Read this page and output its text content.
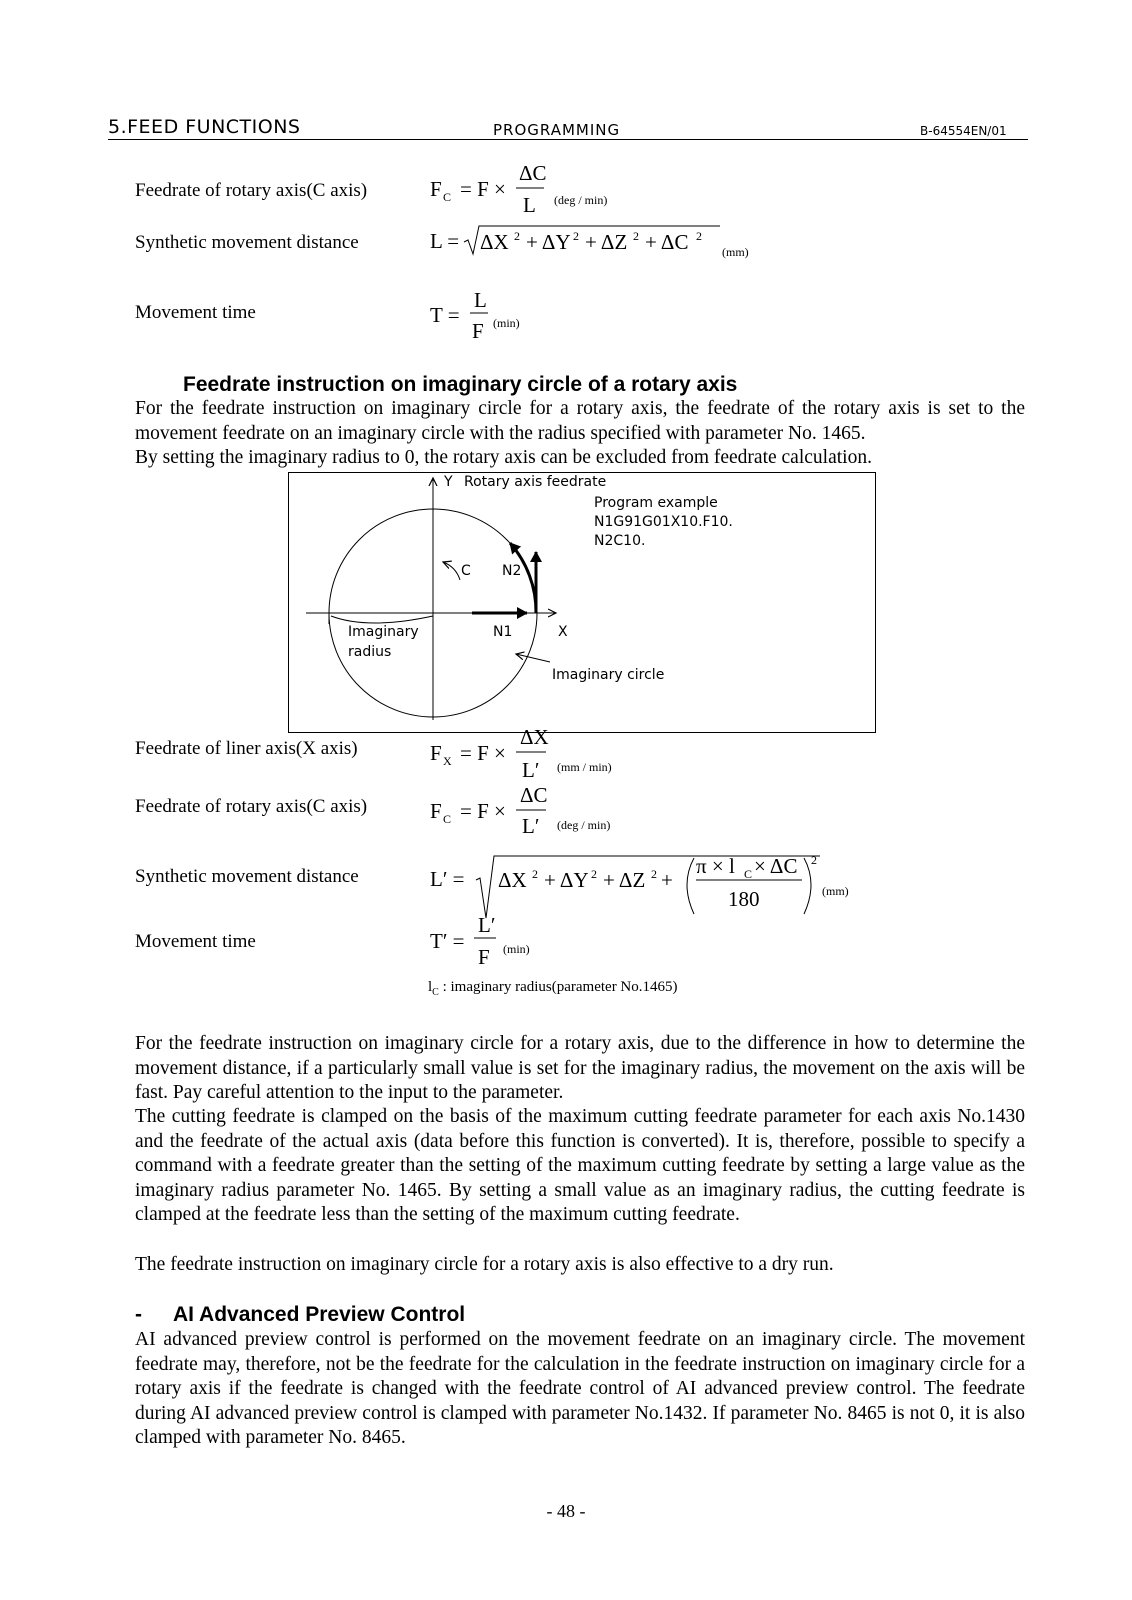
5.FEED FUNCTIONS	PROGRAMMING	B-64554EN/01
Feedrate of rotary axis(C axis)	F C = F ×
ΔC
L (deg / min)
Synthetic movement distance	L = ΔX 2 + ΔY 2 + ΔZ 2 + ΔC 2
(mm)
Movement time	T =
L
F (min)
Feedrate instruction on imaginary circle of a rotary axis
For the feedrate instruction on imaginary circle for a rotary axis, the feedrate of the rotary axis is set to the movement feedrate on an imaginary circle with the radius specified with parameter No. 1465.
By setting the imaginary radius to 0, the rotary axis can be excluded from feedrate calculation.
Y Rotary axis feedrate
Program example
N1G91G01X10.F10.
N2C10.
C N2
N1	X
Imaginary
radius
Imaginary circle
Feedrate of liner axis(X axis)	F X = F ×
ΔX
L′ (mm / min)
Feedrate of rotary axis(C axis)	F C = F ×
ΔC
L′ (deg / min)
Synthetic movement distance	L′ = ΔX 2 + ΔY 2 + ΔZ 2 +
π × l C × ΔC
180
2
(mm)
Movement time	T′ =
L′
F (min)
$l_C$ : imaginary radius(parameter No.1465)
For the feedrate instruction on imaginary circle for a rotary axis, due to the difference in how to determine the movement distance, if a particularly small value is set for the imaginary radius, the movement on the axis will be fast. Pay careful attention to the input to the parameter.
The cutting feedrate is clamped on the basis of the maximum cutting feedrate parameter for each axis No.1430 and the feedrate of the actual axis (data before this function is converted). It is, therefore, possible to specify a command with a feedrate greater than the setting of the maximum cutting feedrate by setting a large value as the imaginary radius parameter No. 1465. By setting a small value as an imaginary radius, the cutting feedrate is clamped at the feedrate less than the setting of the maximum cutting feedrate.
The feedrate instruction on imaginary circle for a rotary axis is also effective to a dry run.
- AI Advanced Preview Control
AI advanced preview control is performed on the movement feedrate on an imaginary circle. The movement feedrate may, therefore, not be the feedrate for the calculation in the feedrate instruction on imaginary circle for a rotary axis if the feedrate is changed with the feedrate control of AI advanced preview control. The feedrate during AI advanced preview control is clamped with parameter No.1432. If parameter No. 8465 is not 0, it is also clamped with parameter No. 8465.
- 48 -
